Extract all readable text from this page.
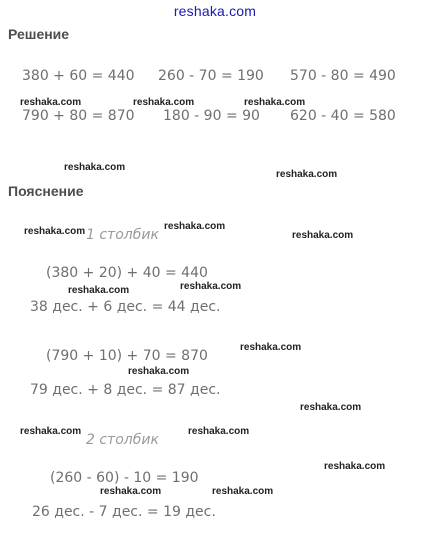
reshaka.com
Решение
380 + 60 = 440 260 - 70 = 190 570 - 80 = 490
790 + 80 = 870 180 - 90 = 90 620 - 40 = 580
Пояснение
1 столбик
(380 + 20) + 40 = 440
38 дес. + 6 дес. = 44 дес.
(790 + 10) + 70 = 870
79 дес. + 8 дес. = 87 дес.
2 столбик
(260 - 60) - 10 = 190
26 дес. - 7 дес. = 19 дес.
reshaka.com	reshaka.com	reshaka.com
reshaka.com
reshaka.com
reshaka.com	reshaka.com
reshaka.com
reshaka.com	reshaka.com
reshaka.com
reshaka.com
reshaka.com
reshaka.com	reshaka.com
reshaka.com
reshaka.com	reshaka.com
